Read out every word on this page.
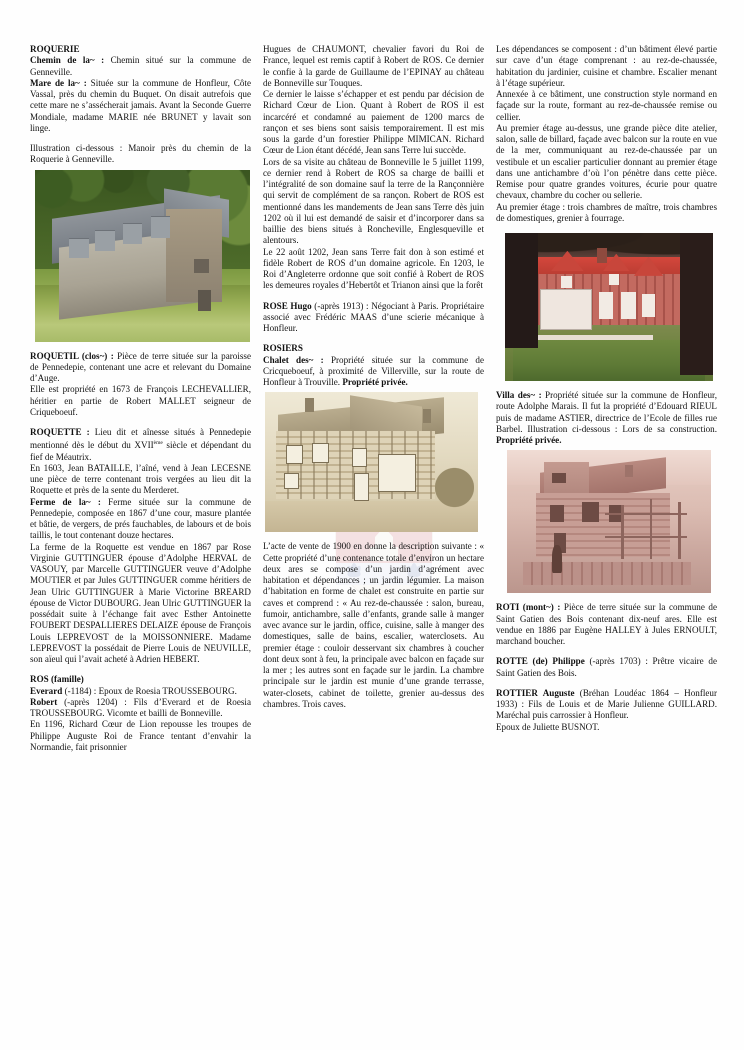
ROQUERIE

Chemin de la~ : Chemin situé sur la commune de Genneville.

Mare de la~ : Située sur la commune de Honfleur, Côte Vassal, près du chemin du Buquet. On disait autrefois que cette mare ne s’assécherait jamais. Avant la Seconde Guerre Mondiale, madame MARIE née BRUNET y lavait son linge.

Illustration ci-dessous : Manoir près du chemin de la Roquerie à Genneville.

ROQUETIL (clos~) : Pièce de terre située sur la paroisse de Pennedepie, contenant une acre et relevant du Domaine d’Auge.

Elle est propriété en 1673 de François LECHEVALLIER, héritier en partie de Robert MALLET seigneur de Criqueboeuf.

ROQUETTE : Lieu dit et aînesse situés à Pennedepie mentionné dès le début du XVIIème siècle et dépendant du fief de Méautrix.

En 1603, Jean BATAILLE, l’aîné, vend à Jean LECESNE une pièce de terre contenant trois vergées au lieu dit la Roquette et près de la sente du Merderet.

Ferme de la~ : Ferme située sur la commune de Pennedepie, composée en 1867 d’une cour, masure plantée et bâtie, de vergers, de prés fauchables, de labours et de bois taillis, le tout contenant douze hectares.

La ferme de la Roquette est vendue en 1867 par Rose Virginie GUTTINGUER épouse d’Adolphe HERVAL de VASOUY, par Marcelle GUTTINGUER veuve d’Adolphe MOUTIER et par Jules GUTTINGUER comme héritiers de Jean Ulric GUTTINGUER à Marie Victorine BREARD épouse de Victor DUBOURG. Jean Ulric GUTTINGUER la possédait suite à l’échange fait avec Esther Antoinette FOUBERT DESPALLIERES DELAIZE épouse de François Louis LEPREVOST de la MOISSONNIERE. Madame LEPREVOST la possédait de Pierre Louis de NEUVILLE, son aïeul qui l’avait acheté à Adrien HEBERT.

ROS (famille)

Everard (-1184) : Epoux de Roesia TROUSSEBOURG.

Robert (-après 1204) : Fils d’Everard et de Roesia TROUSSEBOURG. Vicomte et bailli de Bonneville.

En 1196, Richard Cœur de Lion repousse les troupes de Philippe Auguste Roi de France tentant d’envahir la Normandie, fait prisonnier

Hugues de CHAUMONT, chevalier favori du Roi de France, lequel est remis captif à Robert de ROS. Ce dernier le confie à la garde de Guillaume de l’EPINAY au château de Bonneville sur Touques.

Ce dernier le laisse s’échapper et est pendu par décision de Richard Cœur de Lion. Quant à Robert de ROS il est incarcéré et condamné au paiement de 1200 marcs de rançon et ses biens sont saisis temporairement. Il est mis sous la garde d’un forestier Philippe MIMICAN. Richard Cœur de Lion étant décédé, Jean sans Terre lui succède.

Lors de sa visite au château de Bonneville le 5 juillet 1199, ce dernier rend à Robert de ROS sa charge de bailli et l’intégralité de son domaine sauf la terre de la Rançonnière qui servit de complément de sa rançon. Robert de ROS est mentionné dans les mandements de Jean sans Terre dès juin 1202 où il lui est demandé de saisir et d’incorporer dans sa baillie des biens situés à Roncheville, Englesqueville et alentours.

Le 22 août 1202, Jean sans Terre fait don à son estimé et fidèle Robert de ROS d’un domaine agricole. En 1203, le Roi d’Angleterre ordonne que soit confié à Robert de ROS les demeures royales d’Hebertôt et Trianon ainsi que la forêt

ROSE Hugo (-après 1913) : Négociant à Paris. Propriétaire associé avec Frédéric MAAS d’une scierie mécanique à Honfleur.

ROSIERS

Chalet des~ : Propriété située sur la commune de Cricqueboeuf, à proximité de Villerville, sur la route de Honfleur à Trouville. Propriété privée.

L’acte de vente de 1900 en donne la description suivante : « Cette propriété d’une contenance totale d’environ un hectare deux ares se compose d’un jardin d’agrément avec habitation et dépendances ; un jardin légumier. La maison d’habitation en forme de chalet est construite en partie sur caves et comprend : « Au rez-de-chaussée : salon, bureau, fumoir, antichambre, salle d’enfants, grande salle à manger avec avance sur le jardin, office, cuisine, salle à manger des domestiques, salle de bains, escalier, waterclosets. Au premier étage : couloir desservant six chambres à coucher dont deux sont à feu, la principale avec balcon en façade sur la mer ; les autres sont en façade sur le jardin. La chambre principale sur le jardin est munie d’une grande terrasse, water-closets, cabinet de toilette, grenier au-dessus des chambres. Trois caves.

Les dépendances se composent : d’un bâtiment élevé partie sur cave d’un étage comprenant : au rez-de-chaussée, habitation du jardinier, cuisine et chambre. Escalier menant à l’étage supérieur.

Annexée à ce bâtiment, une construction style normand en façade sur la route, formant au rez-de-chaussée remise ou cellier.

Au premier étage au-dessus, une grande pièce dite atelier, salon, salle de billard, façade avec balcon sur la route en vue de la mer, communiquant au rez-de-chaussée par un vestibule et un escalier particulier donnant au premier étage dans une antichambre d’où l’on pénètre dans cette pièce. Remise pour quatre grandes voitures, écurie pour quatre chevaux, chambre du cocher ou sellerie.

Au premier étage : trois chambres de maître, trois chambres de domestiques, grenier à fourrage.

Villa des~ : Propriété située sur la commune de Honfleur, route Adolphe Marais. Il fut la propriété d’Edouard RIEUL puis de madame ASTIER, directrice de l’Ecole de filles rue Barbel. Illustration ci-dessous : Lors de sa construction. Propriété privée.

ROTI (mont~) : Pièce de terre située sur la commune de Saint Gatien des Bois contenant dix-neuf ares. Elle est vendue en 1886 par Eugène HALLEY à Jules ERNOULT, marchand boucher.

ROTTE (de) Philippe (-après 1703) : Prêtre vicaire de Saint Gatien des Bois.

ROTTIER Auguste (Bréhan Loudéac 1864 – Honfleur 1933) : Fils de Louis et de Marie Julienne GUILLARD. Maréchal puis carrossier à Honfleur.

Epoux de Juliette BUSNOT.
